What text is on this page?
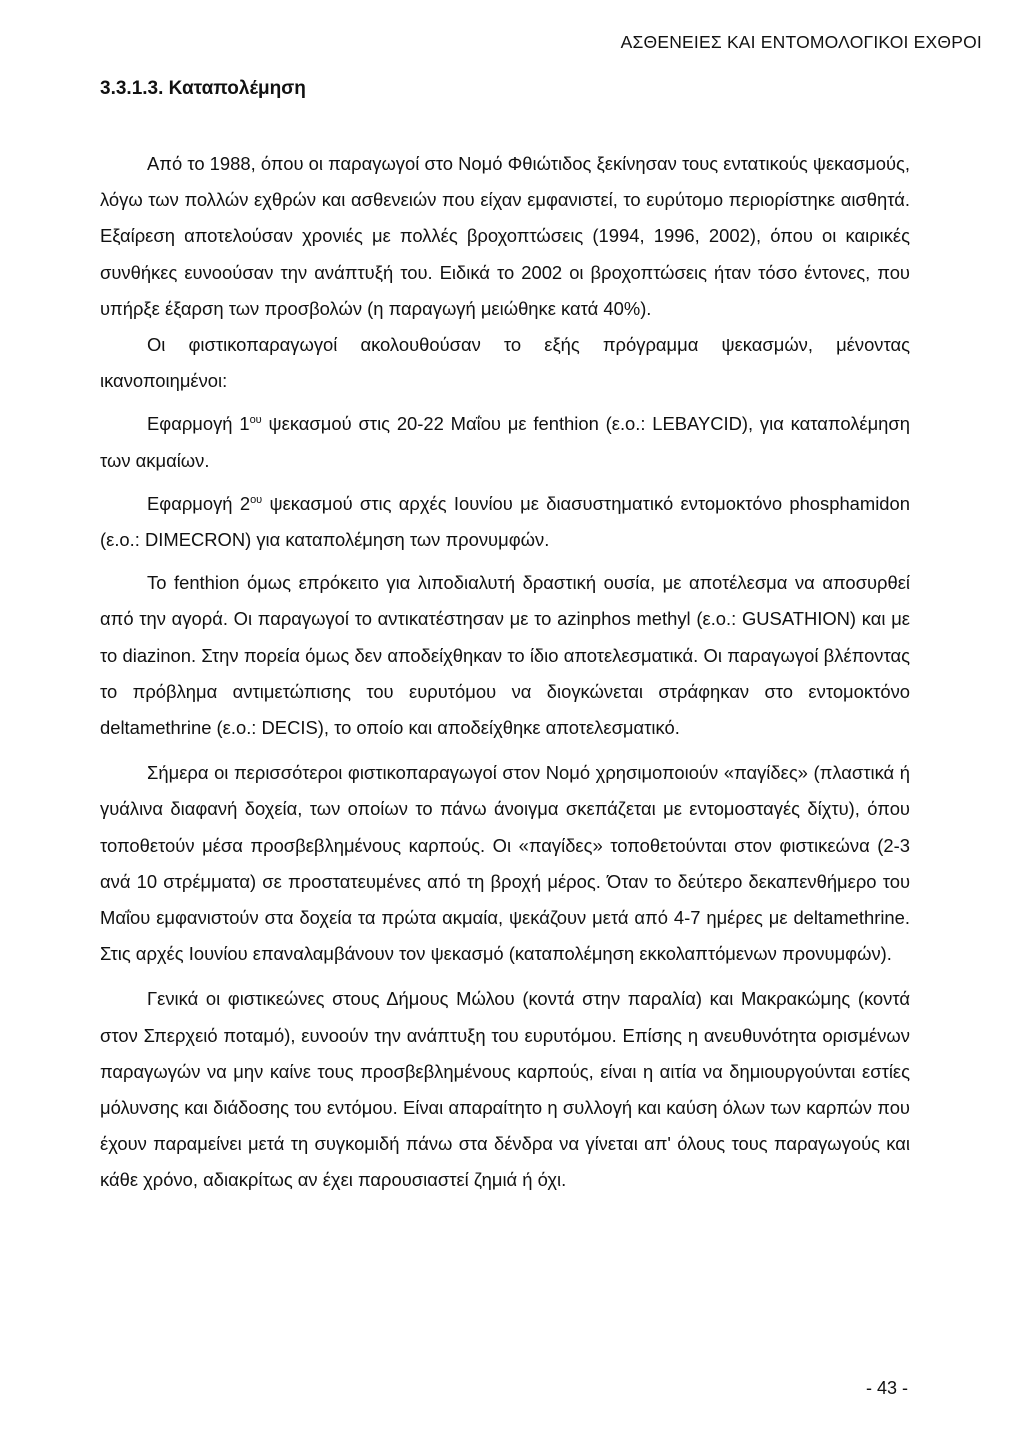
ΑΣΘΕΝΕΙΕΣ ΚΑΙ ΕΝΤΟΜΟΛΟΓΙΚΟΙ ΕΧΘΡΟΙ
3.3.1.3. Καταπολέμηση

Από το 1988, όπου οι παραγωγοί στο Νομό Φθιώτιδος ξεκίνησαν τους εντατικούς ψεκασμούς, λόγω των πολλών εχθρών και ασθενειών που είχαν εμφανιστεί, το ευρύτομο περιορίστηκε αισθητά. Εξαίρεση αποτελούσαν χρονιές με πολλές βροχοπτώσεις (1994, 1996, 2002), όπου οι καιρικές συνθήκες ευνοούσαν την ανάπτυξή του. Ειδικά το 2002 οι βροχοπτώσεις ήταν τόσο έντονες, που υπήρξε έξαρση των προσβολών (η παραγωγή μειώθηκε κατά 40%).

Οι φιστικοπαραγωγοί ακολουθούσαν το εξής πρόγραμμα ψεκασμών, μένοντας ικανοποιημένοι:

Εφαρμογή $1^{o\upsilon}$ ψεκασμού στις 20-22 Μαΐου με fenthion (ε.ο.: LEBAYCID), για καταπολέμηση των ακμαίων.

Εφαρμογή $2^{o\upsilon}$ ψεκασμού στις αρχές Ιουνίου με διασυστηματικό εντομοκτόνο phosphamidon (ε.ο.: DIMECRON) για καταπολέμηση των προνυμφών.

Το fenthion όμως επρόκειτο για λιποδιαλυτή δραστική ουσία, με αποτέλεσμα να αποσυρθεί από την αγορά. Οι παραγωγοί το αντικατέστησαν με το azinphos methyl (ε.ο.: GUSATHION) και με το diazinon. Στην πορεία όμως δεν αποδείχθηκαν το ίδιο αποτελεσματικά. Οι παραγωγοί βλέποντας το πρόβλημα αντιμετώπισης του ευρυτόμου να διογκώνεται στράφηκαν στο εντομοκτόνο deltamethrine (ε.ο.: DECIS), το οποίο και αποδείχθηκε αποτελεσματικό.

Σήμερα οι περισσότεροι φιστικοπαραγωγοί στον Νομό χρησιμοποιούν «παγίδες» (πλαστικά ή γυάλινα διαφανή δοχεία, των οποίων το πάνω άνοιγμα σκεπάζεται με εντομοσταγές δίχτυ), όπου τοποθετούν μέσα προσβεβλημένους καρπούς. Οι «παγίδες» τοποθετούνται στον φιστικεώνα (2-3 ανά 10 στρέμματα) σε προστατευμένες από τη βροχή μέρος. Όταν το δεύτερο δεκαπενθήμερο του Μαΐου εμφανιστούν στα δοχεία τα πρώτα ακμαία, ψεκάζουν μετά από 4-7 ημέρες με deltamethrine. Στις αρχές Ιουνίου επαναλαμβάνουν τον ψεκασμό (καταπολέμηση εκκολαπτόμενων προνυμφών).

Γενικά οι φιστικεώνες στους Δήμους Μώλου (κοντά στην παραλία) και Μακρακώμης (κοντά στον Σπερχειό ποταμό), ευνοούν την ανάπτυξη του ευρυτόμου. Επίσης η ανευθυνότητα ορισμένων παραγωγών να μην καίνε τους προσβεβλημένους καρπούς, είναι η αιτία να δημιουργούνται εστίες μόλυνσης και διάδοσης του εντόμου. Είναι απαραίτητο η συλλογή και καύση όλων των καρπών που έχουν παραμείνει μετά τη συγκομιδή πάνω στα δένδρα να γίνεται απ' όλους τους παραγωγούς και κάθε χρόνο, αδιακρίτως αν έχει παρουσιαστεί ζημιά ή όχι.

- 43 -
